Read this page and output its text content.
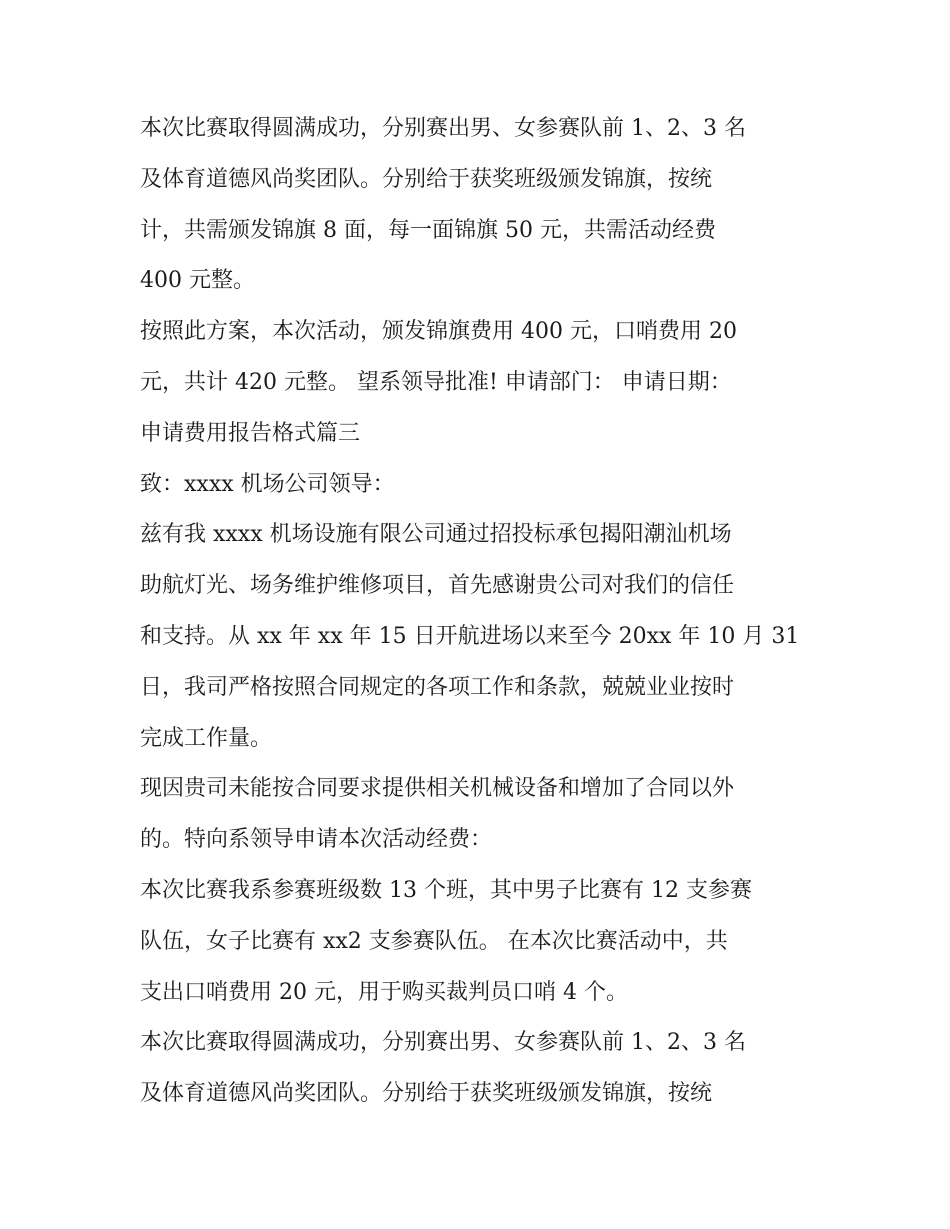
本次比赛取得圆满成功，分别赛出男、女参赛队前 1、2、3 名
及体育道德风尚奖团队。分别给于获奖班级颁发锦旗，按统
计，共需颁发锦旗 8 面，每一面锦旗 50 元，共需活动经费
400 元整。
按照此方案，本次活动，颁发锦旗费用 400 元，口哨费用 20
元，共计 420 元整。 望系领导批准! 申请部门： 申请日期：
申请费用报告格式篇三
致：xxxx 机场公司领导：
兹有我 xxxx 机场设施有限公司通过招投标承包揭阳潮汕机场
助航灯光、场务维护维修项目，首先感谢贵公司对我们的信任
和支持。从 xx 年 xx 年 15 日开航进场以来至今 20xx 年 10 月 31
日，我司严格按照合同规定的各项工作和条款，兢兢业业按时
完成工作量。
现因贵司未能按合同要求提供相关机械设备和增加了合同以外
的。特向系领导申请本次活动经费：
本次比赛我系参赛班级数 13 个班，其中男子比赛有 12 支参赛
队伍，女子比赛有 xx2 支参赛队伍。 在本次比赛活动中，共
支出口哨费用 20 元，用于购买裁判员口哨 4 个。
本次比赛取得圆满成功，分别赛出男、女参赛队前 1、2、3 名
及体育道德风尚奖团队。分别给于获奖班级颁发锦旗，按统
